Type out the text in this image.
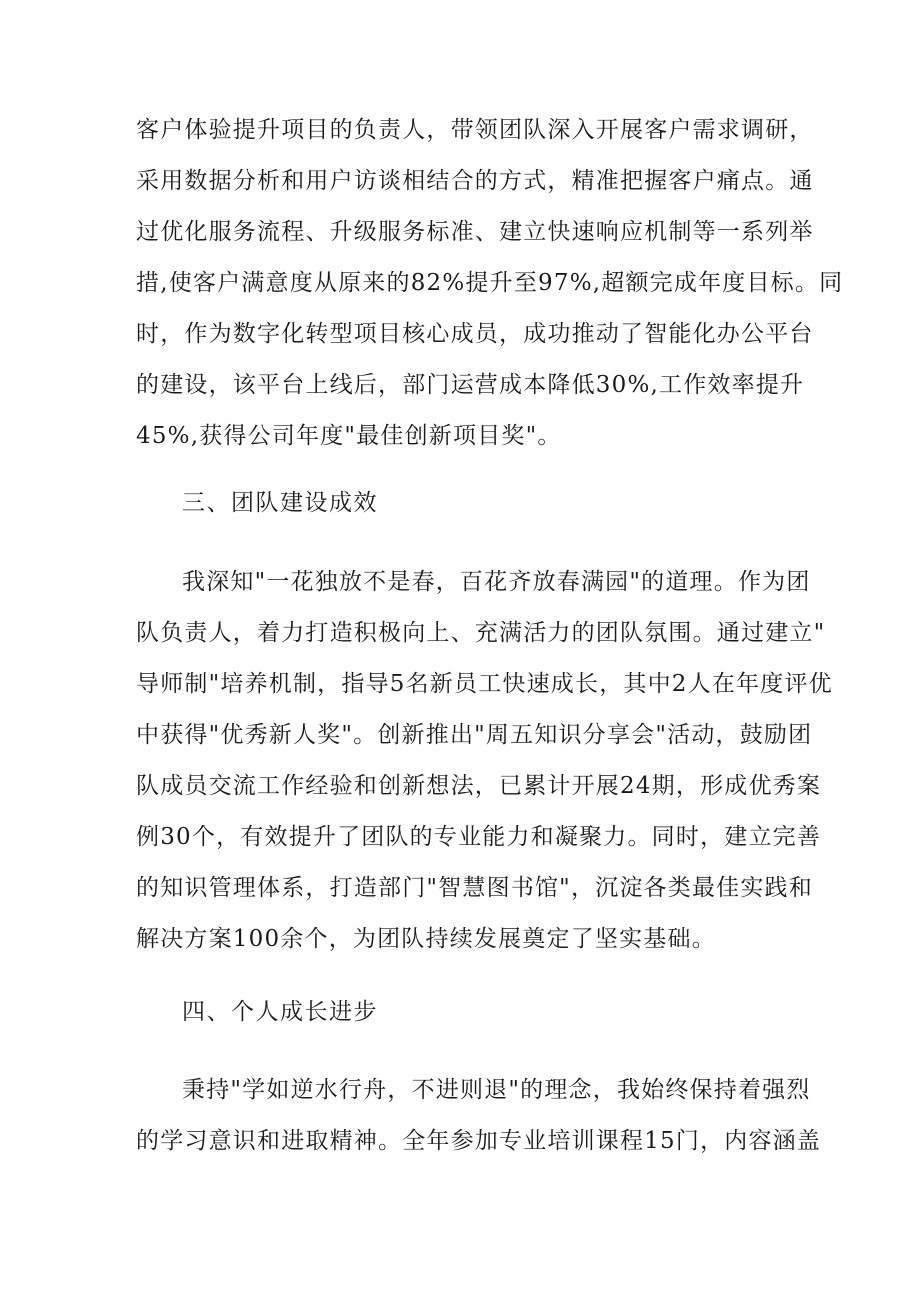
客户体验提升项目的负责人，带领团队深入开展客户需求调研，
采用数据分析和用户访谈相结合的方式，精准把握客户痛点。通
过优化服务流程、升级服务标准、建立快速响应机制等一系列举
措,使客户满意度从原来的82%提升至97%,超额完成年度目标。同
时，作为数字化转型项目核心成员，成功推动了智能化办公平台
的建设，该平台上线后，部门运营成本降低30%,工作效率提升
45%,获得公司年度"最佳创新项目奖"。
三、团队建设成效
我深知"一花独放不是春，百花齐放春满园"的道理。作为团
队负责人，着力打造积极向上、充满活力的团队氛围。通过建立"
导师制"培养机制，指导5名新员工快速成长，其中2人在年度评优
中获得"优秀新人奖"。创新推出"周五知识分享会"活动，鼓励团
队成员交流工作经验和创新想法，已累计开展24期，形成优秀案
例30个，有效提升了团队的专业能力和凝聚力。同时，建立完善
的知识管理体系，打造部门"智慧图书馆"，沉淀各类最佳实践和
解决方案100余个，为团队持续发展奠定了坚实基础。
四、个人成长进步
秉持"学如逆水行舟，不进则退"的理念，我始终保持着强烈
的学习意识和进取精神。全年参加专业培训课程15门，内容涵盖
